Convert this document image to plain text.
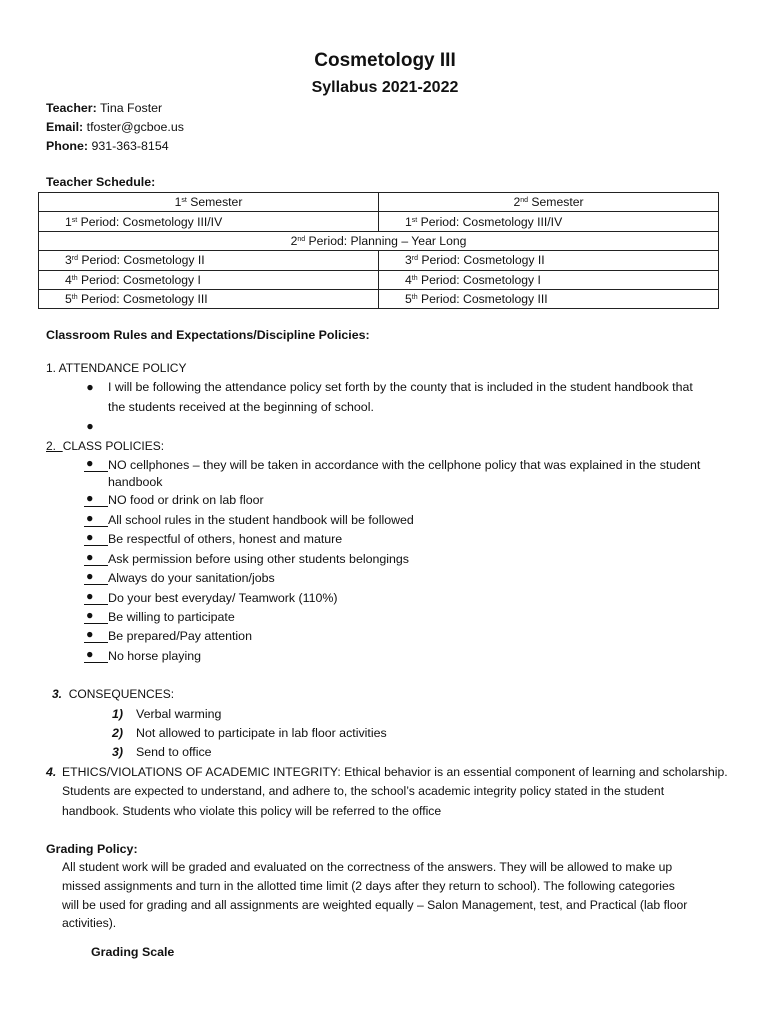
Cosmetology III
Syllabus 2021-2022
Teacher: Tina Foster
Email: tfoster@gcboe.us
Phone: 931-363-8154
Teacher Schedule:
1st Semester	2nd Semester
1st Period: Cosmetology III/IV	1st Period: Cosmetology III/IV
2nd Period: Planning – Year Long	
3rd Period: Cosmetology II	3rd Period: Cosmetology II
4th Period: Cosmetology I	4th Period: Cosmetology I
5th Period: Cosmetology III	5th Period: Cosmetology III
Classroom Rules and Expectations/Discipline Policies:
1. ATTENDANCE POLICY
● I will be following the attendance policy set forth by the county that is included in the student handbook that
the students received at the beginning of school.
●
2. CLASS POLICIES:
● NO cellphones – they will be taken in accordance with the cellphone policy that was explained in the student
handbook
● NO food or drink on lab floor
● All school rules in the student handbook will be followed
● Be respectful of others, honest and mature
● Ask permission before using other students belongings
● Always do your sanitation/jobs
● Do your best everyday/ Teamwork (110%)
● Be willing to participate
● Be prepared/Pay attention
● No horse playing
3. CONSEQUENCES:
1) Verbal warming
2) Not allowed to participate in lab floor activities
3) Send to office
4. ETHICS/VIOLATIONS OF ACADEMIC INTEGRITY: Ethical behavior is an essential component of learning and scholarship.
Students are expected to understand, and adhere to, the school’s academic integrity policy stated in the student
handbook. Students who violate this policy will be referred to the office
Grading Policy:
All student work will be graded and evaluated on the correctness of the answers. They will be allowed to make up
missed assignments and turn in the allotted time limit (2 days after they return to school). The following categories
will be used for grading and all assignments are weighted equally – Salon Management, test, and Practical (lab floor
activities).
Grading Scale
